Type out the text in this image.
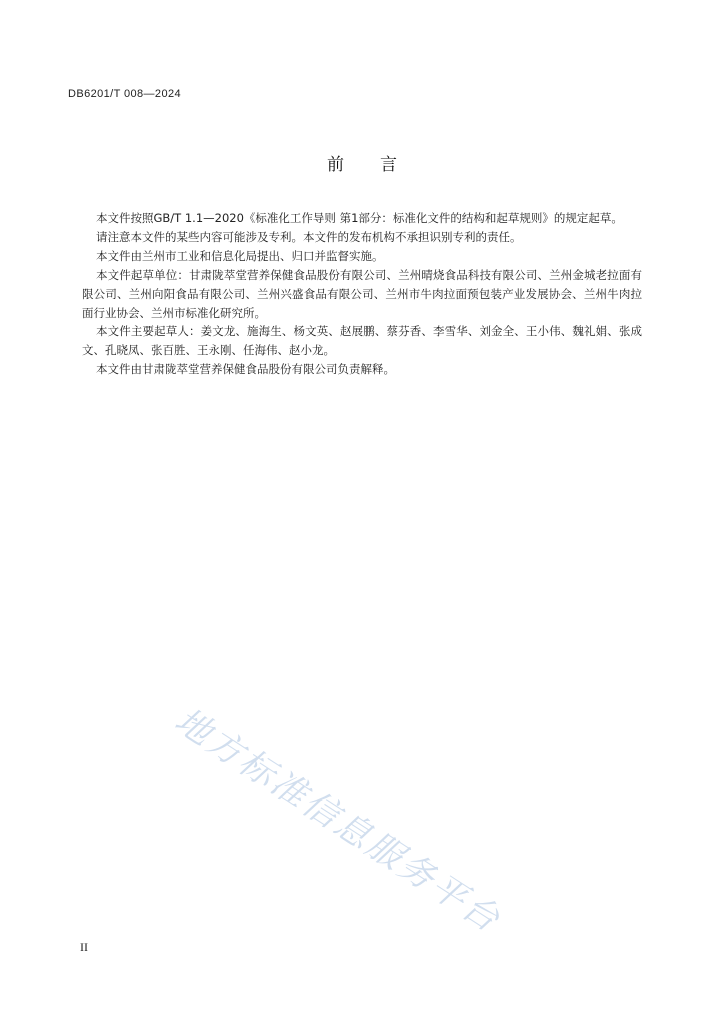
DB6201/T 008—2024
前言

本文件按照GB/T 1.1—2020《标准化工作导则 第1部分：标准化文件的结构和起草规则》的规定起草。

请注意本文件的某些内容可能涉及专利。本文件的发布机构不承担识别专利的责任。

本文件由兰州市工业和信息化局提出、归口并监督实施。

本文件起草单位：甘肃陇萃堂营养保健食品股份有限公司、兰州晴烧食品科技有限公司、兰州金城老拉面有限公司、兰州向阳食品有限公司、兰州兴盛食品有限公司、兰州市牛肉拉面预包装产业发展协会、兰州牛肉拉面行业协会、兰州市标准化研究所。

本文件主要起草人：姜文龙、施海生、杨文英、赵展鹏、蔡芬香、李雪华、刘金全、王小伟、魏礼娟、张成文、孔晓凤、张百胜、王永刚、任海伟、赵小龙。

本文件由甘肃陇萃堂营养保健食品股份有限公司负责解释。

地方标准信息服务平台
II
